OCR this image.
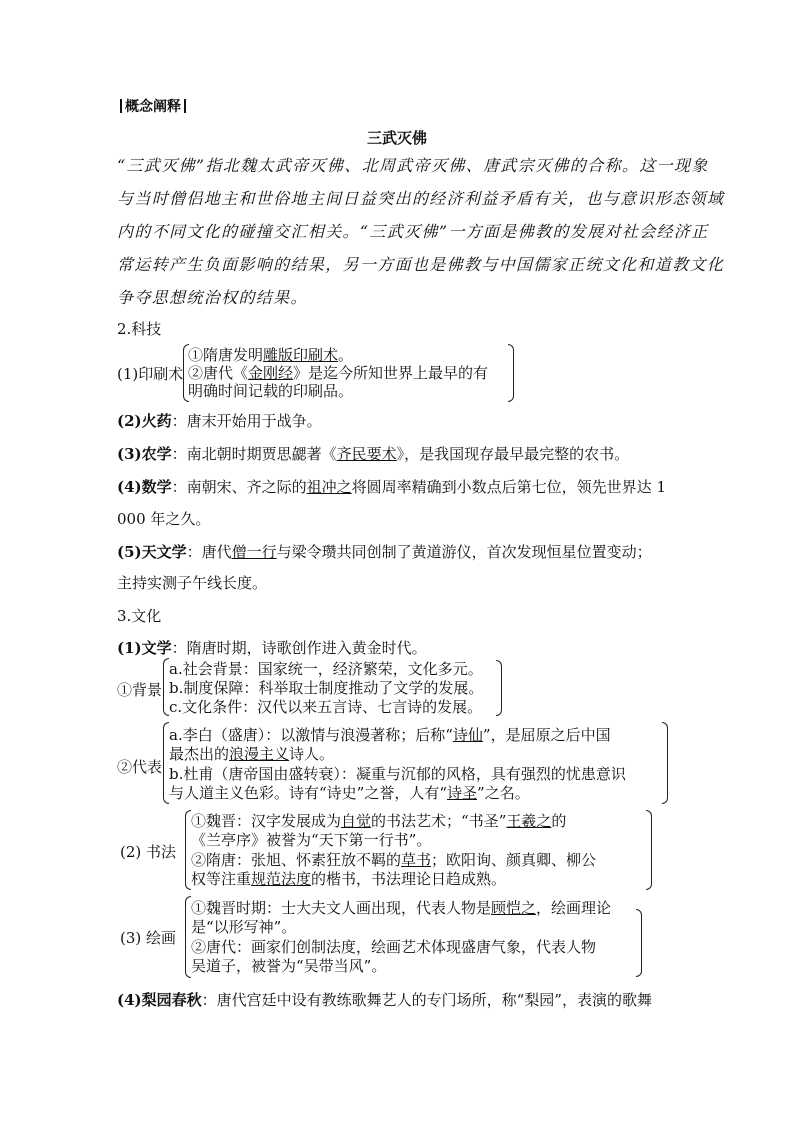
概念阐释
三武灭佛
“三武灭佛”指北魏太武帝灭佛、北周武帝灭佛、唐武宗灭佛的合称。这一现象
与当时僧侣地主和世俗地主间日益突出的经济利益矛盾有关，也与意识形态领域
内的不同文化的碰撞交汇相关。“三武灭佛”一方面是佛教的发展对社会经济正
常运转产生负面影响的结果，另一方面也是佛教与中国儒家正统文化和道教文化
争夺思想统治权的结果。
2.科技
(1)印刷术
①隋唐发明雕版印刷术。
②唐代《金刚经》是迄今所知世界上最早的有
明确时间记载的印刷品。
(2)火药：唐末开始用于战争。
(3)农学：南北朝时期贾思勰著《齐民要术》，是我国现存最早最完整的农书。
(4)数学：南朝宋、齐之际的祖冲之将圆周率精确到小数点后第七位，领先世界达 1
000 年之久。
(5)天文学：唐代僧一行与梁令瓒共同创制了黄道游仪，首次发现恒星位置变动；
主持实测子午线长度。
3.文化
(1)文学：隋唐时期，诗歌创作进入黄金时代。
①背景
a.社会背景：国家统一，经济繁荣，文化多元。
b.制度保障：科举取士制度推动了文学的发展。
c.文化条件：汉代以来五言诗、七言诗的发展。
②代表
a.李白（盛唐）：以激情与浪漫著称；后称“诗仙”，是屈原之后中国
最杰出的浪漫主义诗人。
b.杜甫（唐帝国由盛转衰）：凝重与沉郁的风格，具有强烈的忧患意识
与人道主义色彩。诗有“诗史”之誉，人有“诗圣”之名。
(2) 书法
①魏晋：汉字发展成为自觉的书法艺术；“书圣”王羲之的
《兰亭序》被誉为“天下第一行书”。
②隋唐：张旭、怀素狂放不羁的草书；欧阳询、颜真卿、柳公
权等注重规范法度的楷书，书法理论日趋成熟。
(3) 绘画
①魏晋时期：士大夫文人画出现，代表人物是顾恺之，绘画理论
是“以形写神”。
②唐代：画家们创制法度，绘画艺术体现盛唐气象，代表人物
吴道子，被誉为“吴带当风”。
(4)梨园春秋：唐代宫廷中设有教练歌舞艺人的专门场所，称“梨园”，表演的歌舞
